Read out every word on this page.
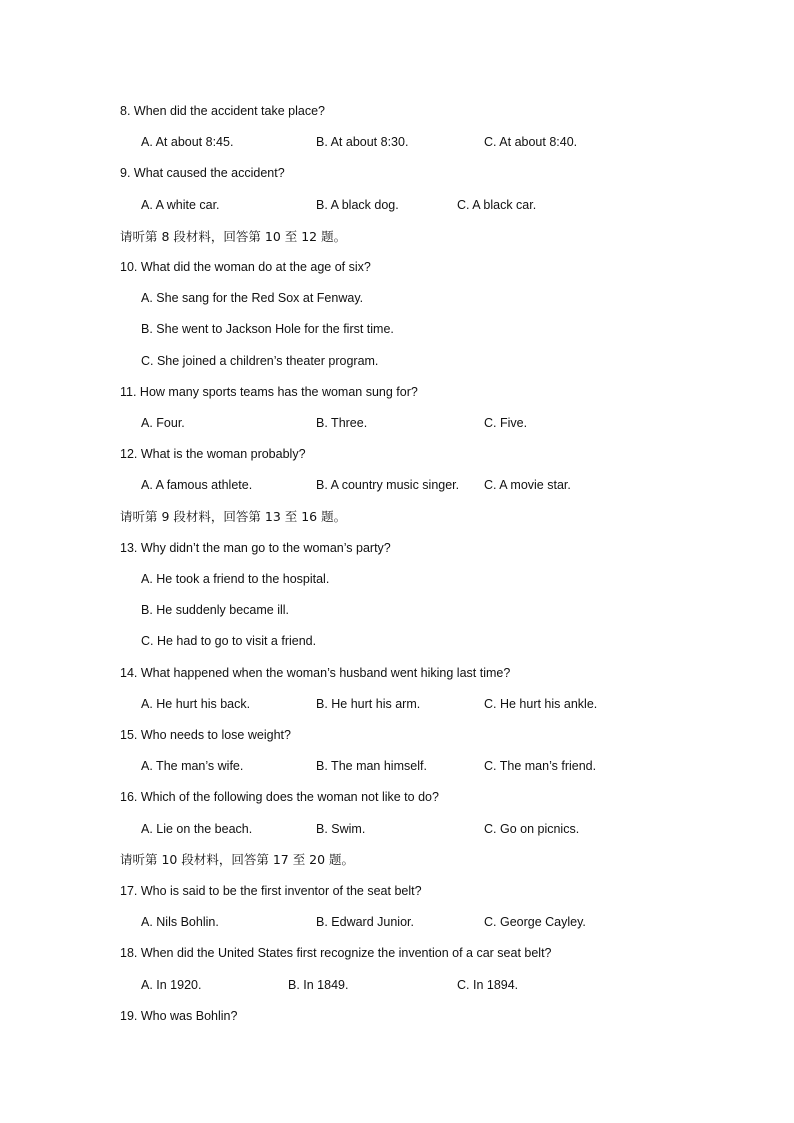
8. When did the accident take place?
A. At about 8:45.	B. At about 8:30.	C. At about 8:40.
9. What caused the accident?
A. A white car.	B. A black dog.	C. A black car.
请听第 8 段材料，回答第 10 至 12 题。
10. What did the woman do at the age of six?
A. She sang for the Red Sox at Fenway.
B. She went to Jackson Hole for the first time.
C. She joined a children’s theater program.
11. How many sports teams has the woman sung for?
A. Four.	B. Three.	C. Five.
12. What is the woman probably?
A. A famous athlete.	B. A country music singer. C. A movie star.
请听第 9 段材料，回答第 13 至 16 题。
13. Why didn’t the man go to the woman’s party?
A. He took a friend to the hospital.
B. He suddenly became ill.
C. He had to go to visit a friend.
14. What happened when the woman’s husband went hiking last time?
A. He hurt his back.	B. He hurt his arm.	C. He hurt his ankle.
15. Who needs to lose weight?
A. The man’s wife.	B. The man himself.	C. The man’s friend.
16. Which of the following does the woman not like to do?
A. Lie on the beach.	B. Swim.	C. Go on picnics.
请听第 10 段材料，回答第 17 至 20 题。
17. Who is said to be the first inventor of the seat belt?
A. Nils Bohlin.	B. Edward Junior.	C. George Cayley.
18. When did the United States first recognize the invention of a car seat belt?
A. In 1920.	B. In 1849.	C. In 1894.
19. Who was Bohlin?
